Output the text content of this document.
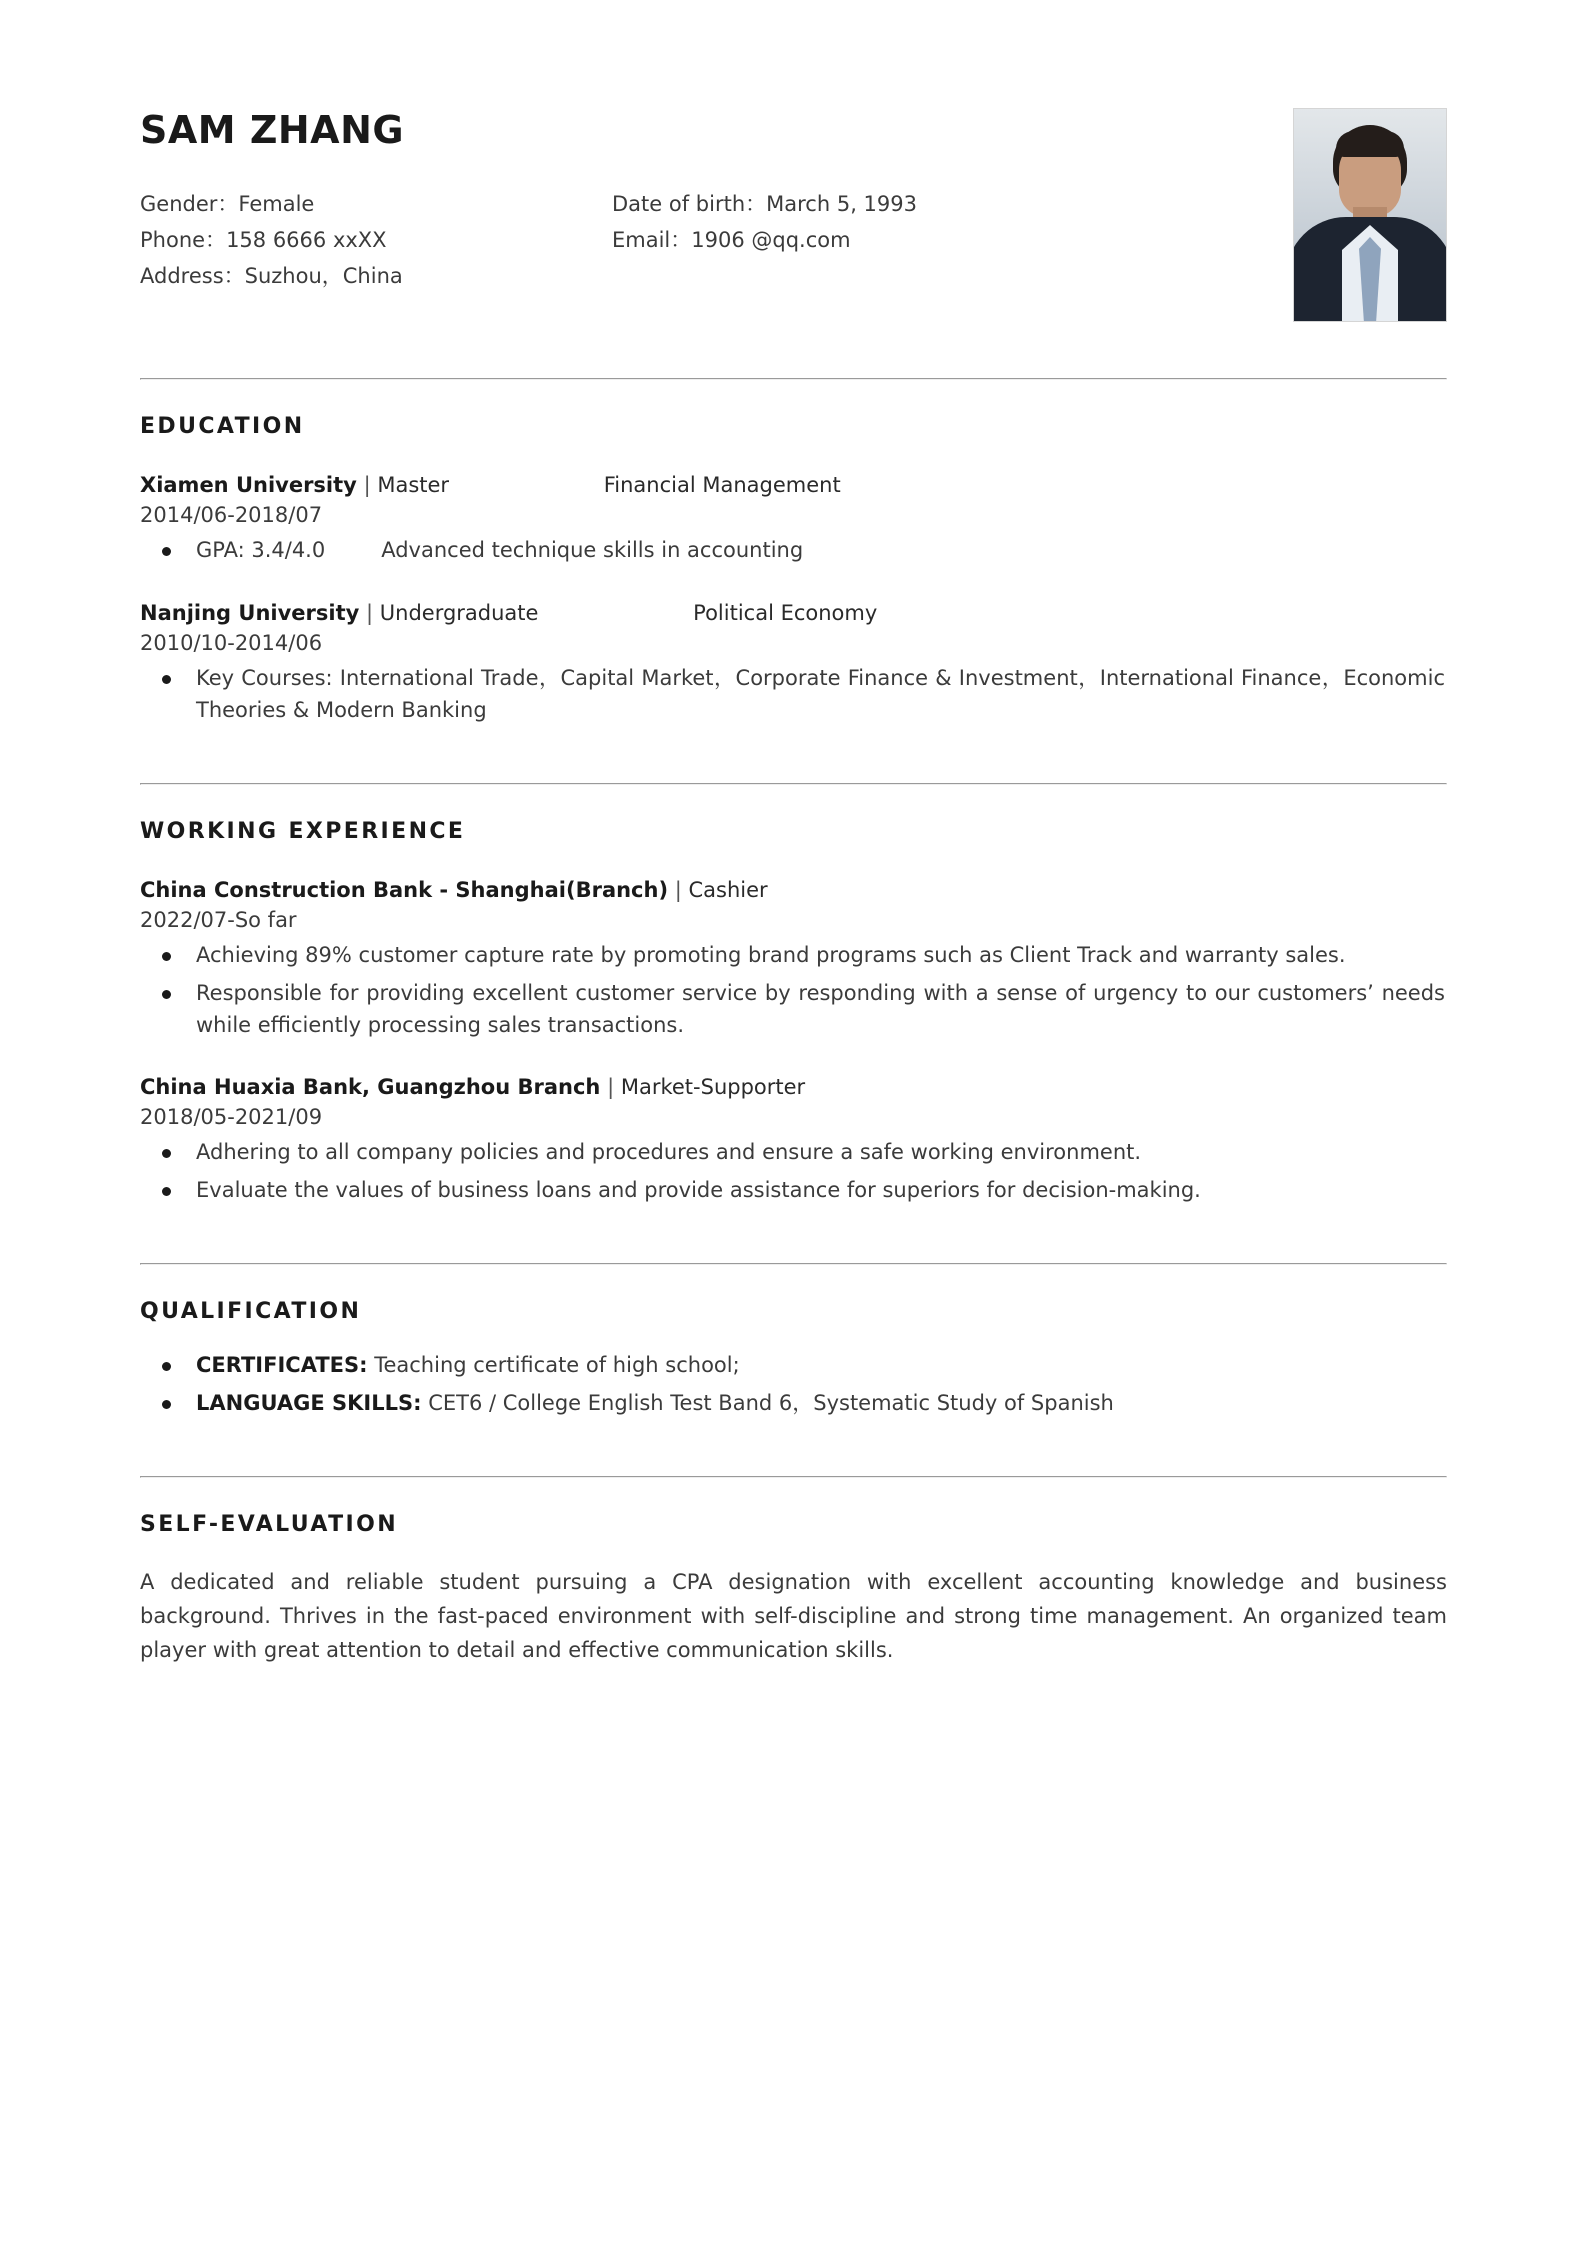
SAM ZHANG
Gender：Female	Date of birth：March 5, 1993
Phone：158 6666 xxXX	Email：1906 @qq.com
Address：Suzhou，China
EDUCATION
Xiamen University | Master	Financial Management
2014/06-2018/07
GPA: 3.4/4.0	Advanced technique skills in accounting
Nanjing University | Undergraduate	Political Economy
2010/10-2014/06
Key Courses: International Trade，Capital Market，Corporate Finance & Investment，International Finance，Economic Theories & Modern Banking
WORKING EXPERIENCE
China Construction Bank - Shanghai(Branch) | Cashier
2022/07-So far
Achieving 89% customer capture rate by promoting brand programs such as Client Track and warranty sales.
Responsible for providing excellent customer service by responding with a sense of urgency to our customers’ needs while efficiently processing sales transactions.
China Huaxia Bank, Guangzhou Branch | Market-Supporter
2018/05-2021/09
Adhering to all company policies and procedures and ensure a safe working environment.
Evaluate the values of business loans and provide assistance for superiors for decision-making.
QUALIFICATION
CERTIFICATES: Teaching certificate of high school;
LANGUAGE SKILLS: CET6 / College English Test Band 6，Systematic Study of Spanish
SELF-EVALUATION

A dedicated and reliable student pursuing a CPA designation with excellent accounting knowledge and business background. Thrives in the fast-paced environment with self-discipline and strong time management. An organized team player with great attention to detail and effective communication skills.
